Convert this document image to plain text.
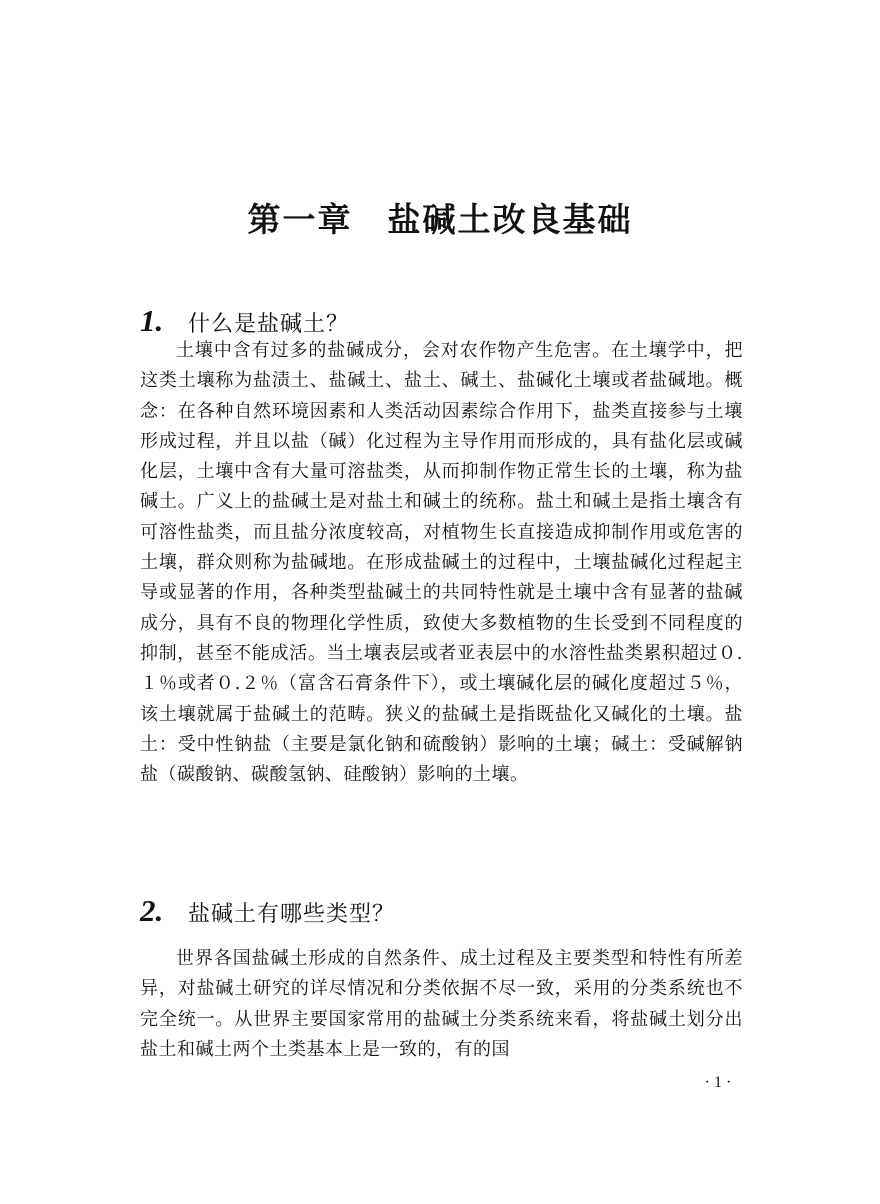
第一章　盐碱土改良基础
1.	什么是盐碱土？

土壤中含有过多的盐碱成分，会对农作物产生危害。在土壤学中，把这类土壤称为盐渍土、盐碱土、盐土、碱土、盐碱化土壤或者盐碱地。概念：在各种自然环境因素和人类活动因素综合作用下，盐类直接参与土壤形成过程，并且以盐（碱）化过程为主导作用而形成的，具有盐化层或碱化层，土壤中含有大量可溶盐类，从而抑制作物正常生长的土壤，称为盐碱土。广义上的盐碱土是对盐土和碱土的统称。盐土和碱土是指土壤含有可溶性盐类，而且盐分浓度较高，对植物生长直接造成抑制作用或危害的土壤，群众则称为盐碱地。在形成盐碱土的过程中，土壤盐碱化过程起主导或显著的作用，各种类型盐碱土的共同特性就是土壤中含有显著的盐碱成分，具有不良的物理化学性质，致使大多数植物的生长受到不同程度的抑制，甚至不能成活。当土壤表层或者亚表层中的水溶性盐类累积超过０.１％或者０.２％（富含石膏条件下），或土壤碱化层的碱化度超过５％，该土壤就属于盐碱土的范畴。狭义的盐碱土是指既盐化又碱化的土壤。盐土：受中性钠盐（主要是氯化钠和硫酸钠）影响的土壤；碱土：受碱解钠盐（碳酸钠、碳酸氢钠、硅酸钠）影响的土壤。

2.	盐碱土有哪些类型？

世界各国盐碱土形成的自然条件、成土过程及主要类型和特性有所差异，对盐碱土研究的详尽情况和分类依据不尽一致，采用的分类系统也不完全统一。从世界主要国家常用的盐碱土分类系统来看，将盐碱土划分出盐土和碱土两个土类基本上是一致的，有的国

· 1 ·
